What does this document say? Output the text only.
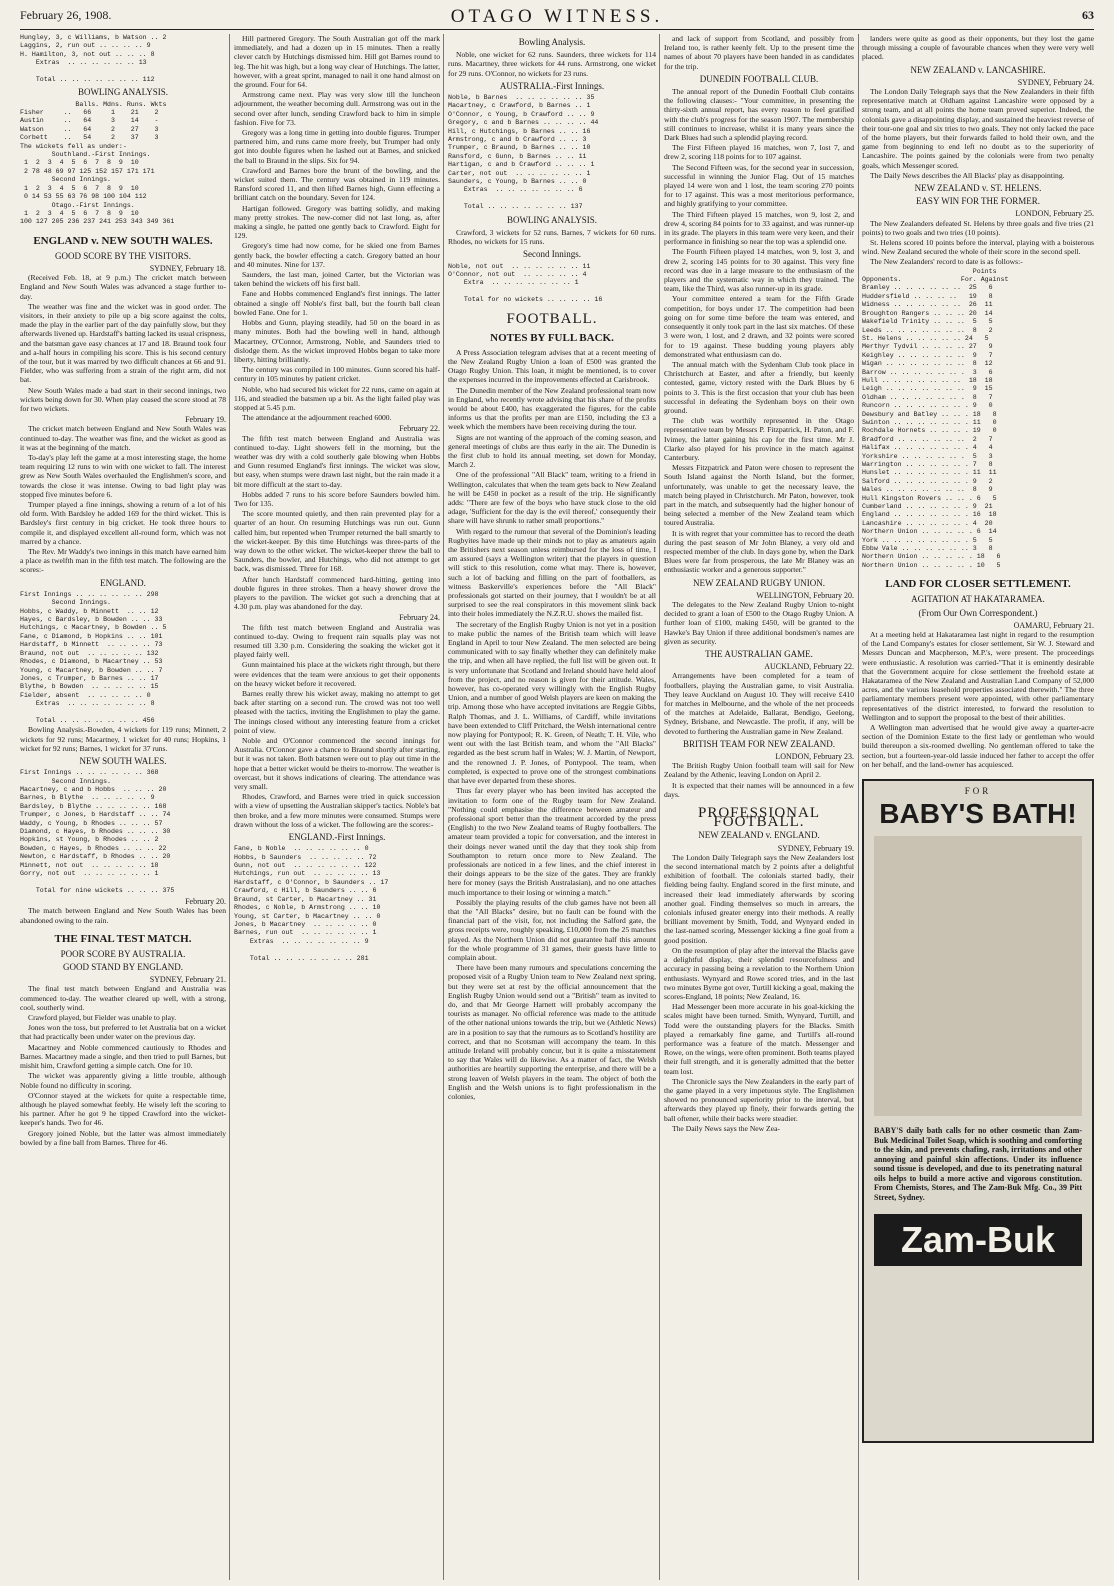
February 26, 1908.	OTAGO WITNESS.	63
Hungley, 3, c Williams, b Watson .. 2
Laggins, 2, run out .. .. .. .. 9
H. Hamilton, 3, not out .. .. .. 8
Extras  .. .. .. .. .. .. 13

Total .. .. .. .. .. .. .. 112
BOWLING ANALYSIS.
Balls. Mdns. Runs. Wkts
Fisher     ..   66     1    21    2
Austin     ..   64     3    14    -
Watson     ..   64     2    27    3
Corbett    ..   54     2    37    3
The wickets fell as under:-
Southland.-First Innings.
1  2  3  4  5  6  7  8  9  10
2 78 48 69 97 125 152 157 171 171
Second Innings.
1  2  3  4  5  6  7  8  9  10
0 14 53 55 63 76 98 100 104 112
Otago.-First Innings.
1  2  3  4  5  6  7  8  9  10
100 127 205 236 237 241 253 343 349 361
ENGLAND v. NEW SOUTH WALES.
GOOD SCORE BY THE VISITORS.
SYDNEY, February 18.

(Received Feb. 18, at 9 p.m.) The cricket match between England and New South Wales was advanced a stage further to-day.

The weather was fine and the wicket was in good order. The visitors, in their anxiety to pile up a big score against the colts, made the play in the earlier part of the day painfully slow, but they afterwards livened up. Hardstaff's batting lacked its usual crispness, and the batsman gave easy chances at 17 and 18. Braund took four and a-half hours in compiling his score. This is his second century of the tour, but it was marred by two difficult chances at 66 and 91. Fielder, who was suffering from a strain of the right arm, did not bat.

New South Wales made a bad start in their second innings, two wickets being down for 30. When play ceased the score stood at 78 for two wickets.

February 19.

The cricket match between England and New South Wales was continued to-day. The weather was fine, and the wicket as good as it was at the beginning of the match.

To-day's play left the game at a most interesting stage, the home team requiring 12 runs to win with one wicket to fall. The interest grew as New South Wales overhauled the Englishmen's score, and towards the close it was intense. Owing to bad light play was stopped five minutes before 6.

Trumper played a fine innings, showing a return of a lot of his old form. With Bardsley he added 169 for the third wicket. This is Bardsley's first century in big cricket. He took three hours to compile it, and displayed excellent all-round form, which was not marred by a chance.

The Rev. Mr Waddy's two innings in this match have earned him a place as twelfth man in the fifth test match. The following are the scores:-

ENGLAND.
First Innings .. .. .. .. .. .. 298
Second Innings.
Hobbs, c Waddy, b Minnett  .. .. 12
Hayes, c Bardsley, b Bowden .. .. 33
Hutchings, c Macartney, b Bowden .. 5
Fane, c Diamond, b Hopkins .. .. 101
Hardstaff, b Minnett  .. .. .. .. 73
Braund, not out  .. .. .. .. .. 132
Rhodes, c Diamond, b Macartney .. 53
Young, c Macartney, b Bowden .. .. 7
Jones, c Trumper, b Barnes .. .. 17
Blythe, b Bowden  .. .. .. .. .. 15
Fielder, absent  .. .. .. .. .. 0
Extras  .. .. .. .. .. .. .. 8

Total .. .. .. .. .. .. .. 456

Bowling Analysis.-Bowden, 4 wickets for 119 runs; Minnett, 2 wickets for 92 runs; Macartney, 1 wicket for 40 runs; Hopkins, 1 wicket for 92 runs; Barnes, 1 wicket for 37 runs.

NEW SOUTH WALES.
First Innings .. .. .. .. .. .. 368
Second Innings.
Macartney, c and b Hobbs  .. .. .. 20
Barnes, b Blythe  .. .. .. .. .. 9
Bardsley, b Blythe .. .. .. .. .. 168
Trumper, c Jones, b Hardstaff .. .. 74
Waddy, c Young, b Rhodes .. .. .. 57
Diamond, c Hayes, b Rhodes .. .. .. 30
Hopkins, st Young, b Rhodes .. .. 2
Bowden, c Hayes, b Rhodes .. .. .. 22
Newton, c Hardstaff, b Rhodes .. .. 20
Minnett, not out  .. .. .. .. .. 18
Gorry, not out  .. .. .. .. .. .. 1

Total for nine wickets .. .. .. 375
February 20.

The match between England and New South Wales has been abandoned owing to the rain.

THE FINAL TEST MATCH.
POOR SCORE BY AUSTRALIA.
GOOD STAND BY ENGLAND.
SYDNEY, February 21.

The final test match between England and Australia was commenced to-day. The weather cleared up well, with a strong, cool, southerly wind.

Crawford played, but Fielder was unable to play.

Jones won the toss, but preferred to let Australia bat on a wicket that had practically been under water on the previous day.

Macartney and Noble commenced cautiously to Rhodes and Barnes. Macartney made a single, and then tried to pull Barnes, but mishit him, Crawford getting a simple catch. One for 10.

The wicket was apparently giving a little trouble, although Noble found no difficulty in scoring.

O'Connor stayed at the wickets for quite a respectable time, although he played somewhat feebly. He wisely left the scoring to his partner. After he got 9 he tipped Crawford into the wicket-keeper's hands. Two for 46.

Gregory joined Noble, but the latter was almost immediately bowled by a fine ball from Barnes. Three for 46.

Hill partnered Gregory. The South Australian got off the mark immediately, and had a dozen up in 15 minutes. Then a really clever catch by Hutchings dismissed him. Hill got Barnes round to leg. The hit was high, but a long way clear of Hutchings. The latter, however, with a great sprint, managed to nail it one hand almost on the ground. Four for 64.

Armstrong came next. Play was very slow till the luncheon adjournment, the weather becoming dull. Armstrong was out in the second over after lunch, sending Crawford back to him in simple fashion. Five for 73.

Gregory was a long time in getting into double figures. Trumper partnered him, and runs came more freely, but Trumper had only got into double figures when he lashed out at Barnes, and snicked the ball to Braund in the slips. Six for 94.

Crawford and Barnes bore the brunt of the bowling, and the wicket suited them. The century was obtained in 119 minutes. Ransford scored 11, and then lifted Barnes high, Gunn effecting a brilliant catch on the boundary. Seven for 124.

Hartigan followed. Gregory was batting solidly, and making many pretty strokes. The new-comer did not last long, as, after making a single, he patted one gently back to Crawford. Eight for 129.

Gregory's time had now come, for he skied one from Barnes gently back, the bowler effecting a catch. Gregory batted an hour and 40 minutes. Nine for 137.

Saunders, the last man, joined Carter, but the Victorian was taken behind the wickets off his first ball.

Fane and Hobbs commenced England's first innings. The latter obtained a single off Noble's first ball, but the fourth ball clean bowled Fane. One for 1.

Hobbs and Gunn, playing steadily, had 50 on the board in as many minutes. Both had the bowling well in hand, although Macartney, O'Connor, Armstrong, Noble, and Saunders tried to dislodge them. As the wicket improved Hobbs began to take more liberty, hitting brilliantly.

The century was compiled in 100 minutes. Gunn scored his half-century in 105 minutes by patient cricket.

Noble, who had secured his wicket for 22 runs, came on again at 116, and steadied the batsmen up a bit. As the light failed play was stopped at 5.45 p.m.

The attendance at the adjournment reached 6000.

February 22.

The fifth test match between England and Australia was continued to-day. Light showers fell in the morning, but the weather was dry with a cold southerly gale blowing when Hobbs and Gunn resumed England's first innings. The wicket was slow, but easy, when stumps were drawn last night, but the rain made it a bit more difficult at the start to-day.

Hobbs added 7 runs to his score before Saunders bowled him. Two for 135.

The score mounted quietly, and then rain prevented play for a quarter of an hour. On resuming Hutchings was run out. Gunn called him, but repented when Trumper returned the ball smartly to the wicket-keeper. By this time Hutchings was three-parts of the way down to the other wicket. The wicket-keeper threw the ball to Saunders, the bowler, and Hutchings, who did not attempt to get back, was dismissed. Three for 168.

After lunch Hardstaff commenced hard-hitting, getting into double figures in three strokes. Then a heavy shower drove the players to the pavilion. The wicket got such a drenching that at 4.30 p.m. play was abandoned for the day.

February 24.

The fifth test match between England and Australia was continued to-day. Owing to frequent rain squalls play was not resumed till 3.30 p.m. Considering the soaking the wicket got it played fairly well.

Gunn maintained his place at the wickets right through, but there were evidences that the team were anxious to get their opponents on the heavy wicket before it recovered.

Barnes really threw his wicket away, making no attempt to get back after starting on a second run. The crowd was not too well pleased with the tactics, inviting the Englishmen to play the game. The innings closed without any interesting feature from a cricket point of view.

Noble and O'Connor commenced the second innings for Australia. O'Connor gave a chance to Braund shortly after starting, but it was not taken. Both batsmen were out to play out time in the hope that a better wicket would be theirs to-morrow. The weather is overcast, but it shows indications of clearing. The attendance was very small.

Rhodes, Crawford, and Barnes were tried in quick succession with a view of upsetting the Australian skipper's tactics. Noble's bat then broke, and a few more minutes were consumed. Stumps were drawn without the loss of a wicket. The following are the scores:-

ENGLAND.-First Innings.
Fane, b Noble  .. .. .. .. .. .. 0
Hobbs, b Saunders  .. .. .. .. .. 72
Gunn, not out  .. .. .. .. .. .. 122
Hutchings, run out  .. .. .. .. .. 13
Hardstaff, c O'Connor, b Saunders .. 17
Crawford, c Hill, b Saunders .. .. 6
Braund, st Carter, b Macartney .. 31
Rhodes, c Noble, b Armstrong .. .. 10
Young, st Carter, b Macartney .. .. 0
Jones, b Macartney  .. .. .. .. .. 0
Barnes, run out  .. .. .. .. .. .. 1
Extras  .. .. .. .. .. .. .. 9

Total .. .. .. .. .. .. .. 281
Bowling Analysis.

Noble, one wicket for 62 runs. Saunders, three wickets for 114 runs. Macartney, three wickets for 44 runs. Armstrong, one wicket for 29 runs. O'Connor, no wickets for 23 runs.

AUSTRALIA.-First Innings.
Noble, b Barnes  .. .. .. .. .. .. 35
Macartney, c Crawford, b Barnes .. 1
O'Connor, c Young, b Crawford .. .. 9
Gregory, c and b Barnes .. .. .. .. 44
Hill, c Hutchings, b Barnes .. .. 16
Armstrong, c and b Crawford .. .. 3
Trumper, c Braund, b Barnes .. .. 10
Ransford, c Gunn, b Barnes .. .. 11
Hartigan, c and b Crawford .. .. .. 1
Carter, not out  .. .. .. .. .. .. 1
Saunders, c Young, b Barnes .. .. 0
Extras  .. .. .. .. .. .. .. 6

Total .. .. .. .. .. .. .. 137
BOWLING ANALYSIS.

Crawford, 3 wickets for 52 runs. Barnes, 7 wickets for 60 runs. Rhodes, no wickets for 15 runs.

Second Innings.
Noble, not out  .. .. .. .. .. .. 11
O'Connor, not out  .. .. .. .. .. 4
Extra  .. .. .. .. .. .. .. 1

Total for no wickets .. .. .. .. 16
FOOTBALL.
NOTES BY FULL BACK.

A Press Association telegram advises that at a recent meeting of the New Zealand Rugby Union a loan of £500 was granted the Otago Rugby Union. This loan, it might be mentioned, is to cover the expenses incurred in the improvements effected at Carisbrook.

The Dunedin member of the New Zealand professional team now in England, who recently wrote advising that his share of the profits would be about £400, has exaggerated the figures, for the cable informs us that the profits per man are £150, including the £3 a week which the members have been receiving during the tour.

Signs are not wanting of the approach of the coming season, and general meetings of clubs are thus early in the air. The Dunedin is the first club to hold its annual meeting, set down for Monday, March 2.

One of the professional "All Black" team, writing to a friend in Wellington, calculates that when the team gets back to New Zealand he will be £450 in pocket as a result of the trip. He significantly adds: "There are few of the boys who have stuck close to the old adage, 'Sufficient for the day is the evil thereof,' consequently their share will have shrunk to rather small proportions."

With regard to the rumour that several of the Dominion's leading Rugbyites have made up their minds not to play as amateurs again the Britishers next season unless reimbursed for the loss of time, I am assured (says a Wellington writer) that the players in question will stick to this resolution, come what may. There is, however, such a lot of backing and filling on the part of footballers, as witness Baskerville's experiences before the "All Black" professionals got started on their journey, that I wouldn't be at all surprised to see the real conspirators in this movement slink back into their holes immediately the N.Z.R.U. shows the mailed fist.

The secretary of the English Rugby Union is not yet in a position to make public the names of the British team which will leave England in April to tour New Zealand. The men selected are being communicated with to say finally whether they can definitely make the trip, and when all have replied, the full list will be given out. It is very unfortunate that Scotland and Ireland should have held aloof from the project, and no reason is given for their attitude. Wales, however, has co-operated very willingly with the English Rugby Union, and a number of good Welsh players are keen on making the trip. Among those who have accepted invitations are Reggie Gibbs, Ralph Thomas, and J. L. Williams, of Cardiff, while invitations have been extended to Cliff Pritchard, the Welsh international centre now playing for Pontypool; R. K. Green, of Neath; T. H. Vile, who went out with the last British team, and whom the "All Blacks" regarded as the best scrum half in Wales; W. J. Martin, of Newport, and the renowned J. P. Jones, of Pontypool. The team, when completed, is expected to prove one of the strongest combinations that have ever departed from these shores.

Thus far every player who has been invited has accepted the invitation to form one of the Rugby team for New Zealand. "Nothing could emphasise the difference between amateur and professional sport better than the treatment accorded by the press (English) to the two New Zealand teams of Rugby footballers. The amateur team provided a topic for conversation, and the interest in their doings never waned until the day that they took ship from Southampton to return once more to New Zealand. The professionals are noticed in a few lines, and the chief interest in their doings appears to be the size of the gates. They are frankly here for money (says the British Australasian), and no one attaches much importance to their losing or winning a match."

Possibly the playing results of the club games have not been all that the "All Blacks" desire, but no fault can be found with the financial part of the visit, for, not including the Salford gate, the gross receipts were, roughly speaking, £10,000 from the 25 matches played. As the Northern Union did not guarantee half this amount for the whole programme of 31 games, their guests have little to complain about.

There have been many rumours and speculations concerning the proposed visit of a Rugby Union team to New Zealand next spring, but they were set at rest by the official announcement that the English Rugby Union would send out a "British" team as invited to do, and that Mr George Harnett will probably accompany the tourists as manager. No official reference was made to the attitude of the other national unions towards the trip, but we (Athletic News) are in a position to say that the rumours as to Scotland's hostility are correct, and that no Scotsman will accompany the team. In this attitude Ireland will probably concur, but it is quite a misstatement to say that Wales will do likewise. As a matter of fact, the Welsh authorities are heartily supporting the enterprise, and there will be a strong leaven of Welsh players in the team. The object of both the English and the Welsh unions is to fight professionalism in the colonies,

and lack of support from Scotland, and possibly from Ireland too, is rather keenly felt. Up to the present time the names of about 70 players have been handed in as candidates for the trip.

DUNEDIN FOOTBALL CLUB.

The annual report of the Dunedin Football Club contains the following clauses:- "Your committee, in presenting the thirty-sixth annual report, has every reason to feel gratified with the club's progress for the season 1907. The membership still continues to increase, whilst it is many years since the Dark Blues had such a splendid playing record.

The First Fifteen played 16 matches, won 7, lost 7, and drew 2, scoring 118 points for to 107 against.

The Second Fifteen was, for the second year in succession, successful in winning the Junior Flag. Out of 15 matches played 14 were won and 1 lost, the team scoring 270 points for to 17 against. This was a most meritorious performance, and highly gratifying to your committee.

The Third Fifteen played 15 matches, won 9, lost 2, and drew 4, scoring 84 points for to 33 against, and was runner-up in its grade. The players in this team were very keen, and their performance in finishing so near the top was a splendid one.

The Fourth Fifteen played 14 matches, won 9, lost 3, and drew 2, scoring 145 points for to 30 against. This very fine record was due in a large measure to the enthusiasm of the players and the systematic way in which they trained. The team, like the Third, was also runner-up in its grade.

Your committee entered a team for the Fifth Grade competition, for boys under 17. The competition had been going on for some time before the team was entered, and consequently it only took part in the last six matches. Of these 3 were won, 1 lost, and 2 drawn, and 32 points were scored for to 19 against. These budding young players ably demonstrated what enthusiasm can do.

The annual match with the Sydenham Club took place in Christchurch at Easter, and after a friendly, but keenly contested, game, victory rested with the Dark Blues by 6 points to 3. This is the first occasion that your club has been successful in defeating the Sydenham boys on their own ground.

The club was worthily represented in the Otago representative team by Messrs P. Fitzpatrick, H. Paton, and F. Ivimey, the latter gaining his cap for the first time. Mr J. Clarke also played for his province in the match against Canterbury.

Messrs Fitzpatrick and Paton were chosen to represent the South Island against the North Island, but the former, unfortunately, was unable to get the necessary leave, the match being played in Christchurch. Mr Paton, however, took part in the match, and subsequently had the higher honour of being selected a member of the New Zealand team which toured Australia.

It is with regret that your committee has to record the death during the past season of Mr John Blaney, a very old and respected member of the club. In days gone by, when the Dark Blues were far from prosperous, the late Mr Blaney was an enthusiastic worker and a generous supporter."

NEW ZEALAND RUGBY UNION.
WELLINGTON, February 20.

The delegates to the New Zealand Rugby Union to-night decided to grant a loan of £500 to the Otago Rugby Union. A further loan of £100, making £450, will be granted to the Hawke's Bay Union if three additional bondsmen's names are given as security.

THE AUSTRALIAN GAME.
AUCKLAND, February 22.

Arrangements have been completed for a team of footballers, playing the Australian game, to visit Australia. They leave Auckland on August 10. They will receive £410 for matches in Melbourne, and the whole of the net proceeds of the matches at Adelaide, Ballarat, Bendigo, Geelong, Sydney, Brisbane, and Newcastle. The profit, if any, will be devoted to furthering the Australian game in New Zealand.

BRITISH TEAM FOR NEW ZEALAND.
LONDON, February 23.

The British Rugby Union football team will sail for New Zealand by the Athenic, leaving London on April 2.

It is expected that their names will be announced in a few days.

PROFESSIONAL FOOTBALL.
NEW ZEALAND v. ENGLAND.
SYDNEY, February 19.

The London Daily Telegraph says the New Zealanders lost the second international match by 2 points after a delightful exhibition of football. The colonials started badly, their fielding being faulty. England scored in the first minute, and increased their lead immediately afterwards by scoring another goal. Finding themselves so much in arrears, the colonials infused greater energy into their methods. A really brilliant movement by Smith, Todd, and Wynyard ended in the last-named scoring, Messenger kicking a fine goal from a good position.

On the resumption of play after the interval the Blacks gave a delightful display, their splendid resourcefulness and accuracy in passing being a revelation to the Northern Union enthusiasts. Wynyard and Rowe scored tries, and in the last two minutes Byrne got over, Turtill kicking a goal, making the scores-England, 18 points; New Zealand, 16.

Had Messenger been more accurate in his goal-kicking the scales might have been turned. Smith, Wynyard, Turtill, and Todd were the outstanding players for the Blacks. Smith played a remarkably fine game, and Turtill's all-round performance was a feature of the match. Messenger and Rowe, on the wings, were often prominent. Both teams played their full strength, and it is generally admitted that the better team lost.

The Chronicle says the New Zealanders in the early part of the game played in a very impetuous style. The Englishmen showed no pronounced superiority prior to the interval, but afterwards they played up finely, their forwards getting the ball oftener, while their backs were steadier.

The Daily News says the New Zea-

landers were quite as good as their opponents, but they lost the game through missing a couple of favourable chances when they were very well placed.

NEW ZEALAND v. LANCASHIRE.
SYDNEY, February 24.

The London Daily Telegraph says that the New Zealanders in their fifth representative match at Oldham against Lancashire were opposed by a strong team, and at all points the home team proved superior. Indeed, the colonials gave a disappointing display, and sustained the heaviest reverse of their tour-one goal and six tries to two goals. They not only lacked the pace of the home players, but their forwards failed to hold their own, and the game from beginning to end left no doubt as to the superiority of Lancashire. The points gained by the colonials were from two penalty goals, which Messenger scored.

The Daily News describes the All Blacks' play as disappointing.

NEW ZEALAND v. ST. HELENS.
EASY WIN FOR THE FORMER.
LONDON, February 25.

The New Zealanders defeated St. Helens by three goals and five tries (21 points) to two goals and two tries (10 points).

St. Helens scored 10 points before the interval, playing with a boisterous wind. New Zealand secured the whole of their score in the second spell.

The New Zealanders' record to date is as follows:-

Points
Opponents.               For. Against
Bramley .. .. .. .. .. ..  25   6
Huddersfield .. .. .. ..   19   8
Widness .. .. .. .. .. ..  26  11
Broughton Rangers .. .. .. 20  14
Wakefield Trinity .. .. ..  5   5
Leeds .. .. .. .. .. .. ..  8   2
St. Helens .. .. .. .. .. 24   5
Merthyr Tydvil .. .. .. .. 27   9
Keighley .. .. .. .. .. ..  9   7
Wigan .. .. .. .. .. .. ..  8  12
Barrow .. .. .. .. .. .. .  3   6
Hull .. .. .. .. .. .. ..  18  18
Leigh .. .. .. .. .. .. ..  9  15
Oldham .. .. .. .. .. .. .  8   7
Runcorn .. .. .. .. .. .. . 9   0
Dewsbury and Batley .. .. . 18   8
Swinton .. .. .. .. .. .. . 11   0
Rochdale Hornets .. .. .. . 19   0
Bradford .. .. .. .. .. ..  2   7
Halifax .. .. .. .. .. .. . 4   4
Yorkshire .. .. .. .. .. .  5   3
Warrington .. .. .. .. .. . 7   8
Hunslet .. .. .. .. .. .. . 11  11
Salford .. .. .. .. .. .. . 9   2
Wales .. .. .. .. .. .. ..  8   9
Hull Kingston Rovers .. .. . 6   5
Cumberland .. .. .. .. .. . 9  21
England .. .. .. .. .. .. . 16  18
Lancashire .. .. .. .. .. . 4  20
Northern Union .. .. .. .. . 6  14
York .. .. .. .. .. .. .. . 5   5
Ebbw Vale .. .. .. .. .. .. 3   8
Northern Union .. .. .. .. . 18   6
Northern Union .. .. .. .. . 10   5
LAND FOR CLOSER SETTLEMENT.
AGITATION AT HAKATARAMEA.
(From Our Own Correspondent.)
OAMARU, February 21.

At a meeting held at Hakataramea last night in regard to the resumption of the Land Company's estates for closer settlement, Sir W. J. Steward and Messrs Duncan and Macpherson, M.P.'s, were present. The proceedings were enthusiastic. A resolution was carried-"That it is eminently desirable that the Government acquire for close settlement the freehold estate at Hakataramea of the New Zealand and Australian Land Company of 52,000 acres, and the various leasehold properties associated therewith." The three parliamentary members present were appointed, with other parliamentary representatives of the district interested, to forward the resolution to Wellington and to support the proposal to the best of their abilities.

A Wellington man advertised that he would give away a quarter-acre section of the Dominion Estate to the first lady or gentleman who would build thereupon a six-roomed dwelling. No gentleman offered to take the section, but a fourteen-year-old lassie induced her father to accept the offer on her behalf, and the land-owner has acquiesced.

FOR
BABY'S BATH!
BABY'S daily bath calls for no other cosmetic than Zam-Buk Medicinal Toilet Soap, which is soothing and comforting to the skin, and prevents chafing, rash, irritations and other annoying and painful skin affections. Under its influence sound tissue is developed, and due to its penetrating natural oils helps to build a more active and vigorous constitution. From Chemists, Stores, and The Zam-Buk Mfg. Co., 39 Pitt Street, Sydney.
Zam-Buk
